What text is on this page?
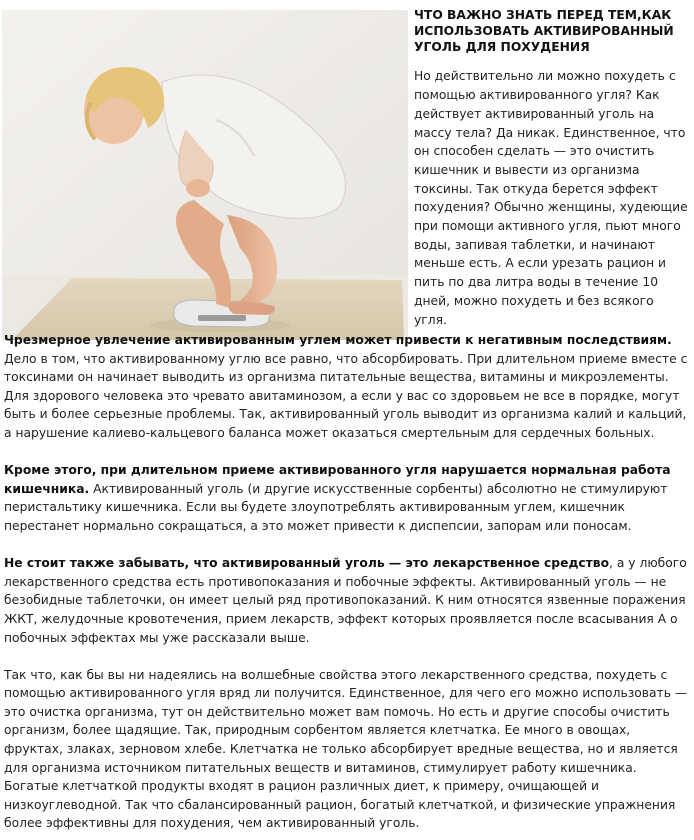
ЧТО ВАЖНО ЗНАТЬ ПЕРЕД ТЕМ,КАК ИСПОЛЬЗОВАТЬ АКТИВИРОВАННЫЙ УГОЛЬ ДЛЯ ПОХУДЕНИЯ

Но действительно ли можно похудеть с помощью активированного угля? Как действует активированный уголь на массу тела? Да никак. Единственное, что он способен сделать — это очистить кишечник и вывести из организма токсины. Так откуда берется эффект похудения? Обычно женщины, худеющие при помощи активного угля, пьют много воды, запивая таблетки, и начинают меньше есть. А если урезать рацион и пить по два литра воды в течение 10 дней, можно похудеть и без всякого угля.

Чрезмерное увлечение активированным углем может привести к негативным последствиям. Дело в том, что активированному углю все равно, что абсорбировать. При длительном приеме вместе с токсинами он начинает выводить из организма питательные вещества, витамины и микроэлементы. Для здорового человека это чревато авитаминозом, а если у вас со здоровьем не все в порядке, могут быть и более серьезные проблемы. Так, активированный уголь выводит из организма калий и кальций, а нарушение калиево-кальцевого баланса может оказаться смертельным для сердечных больных.

Кроме этого, при длительном приеме активированного угля нарушается нормальная работа кишечника. Активированный уголь (и другие искусственные сорбенты) абсолютно не стимулируют перистальтику кишечника. Если вы будете злоупотреблять активированным углем, кишечник перестанет нормально сокращаться, а это может привести к диспепсии, запорам или поносам.

Не стоит также забывать, что активированный уголь — это лекарственное средство, а у любого лекарственного средства есть противопоказания и побочные эффекты. Активированный уголь — не безобидные таблеточки, он имеет целый ряд противопоказаний. К ним относятся язвенные поражения ЖКТ, желудочные кровотечения, прием лекарств, эффект которых проявляется после всасывания А о побочных эффектах мы уже рассказали выше.

Так что, как бы вы ни надеялись на волшебные свойства этого лекарственного средства, похудеть с помощью активированного угля вряд ли получится. Единственное, для чего его можно использовать — это очистка организма, тут он действительно может вам помочь. Но есть и другие способы очистить организм, более щадящие. Так, природным сорбентом является клетчатка. Ее много в овощах, фруктах, злаках, зерновом хлебе. Клетчатка не только абсорбирует вредные вещества, но и является для организма источником питательных веществ и витаминов, стимулирует работу кишечника. Богатые клетчаткой продукты входят в рацион различных диет, к примеру, очищающей и низкоуглеводной. Так что сбалансированный рацион, богатый клетчаткой, и физические упражнения более эффективны для похудения, чем активированный уголь.
